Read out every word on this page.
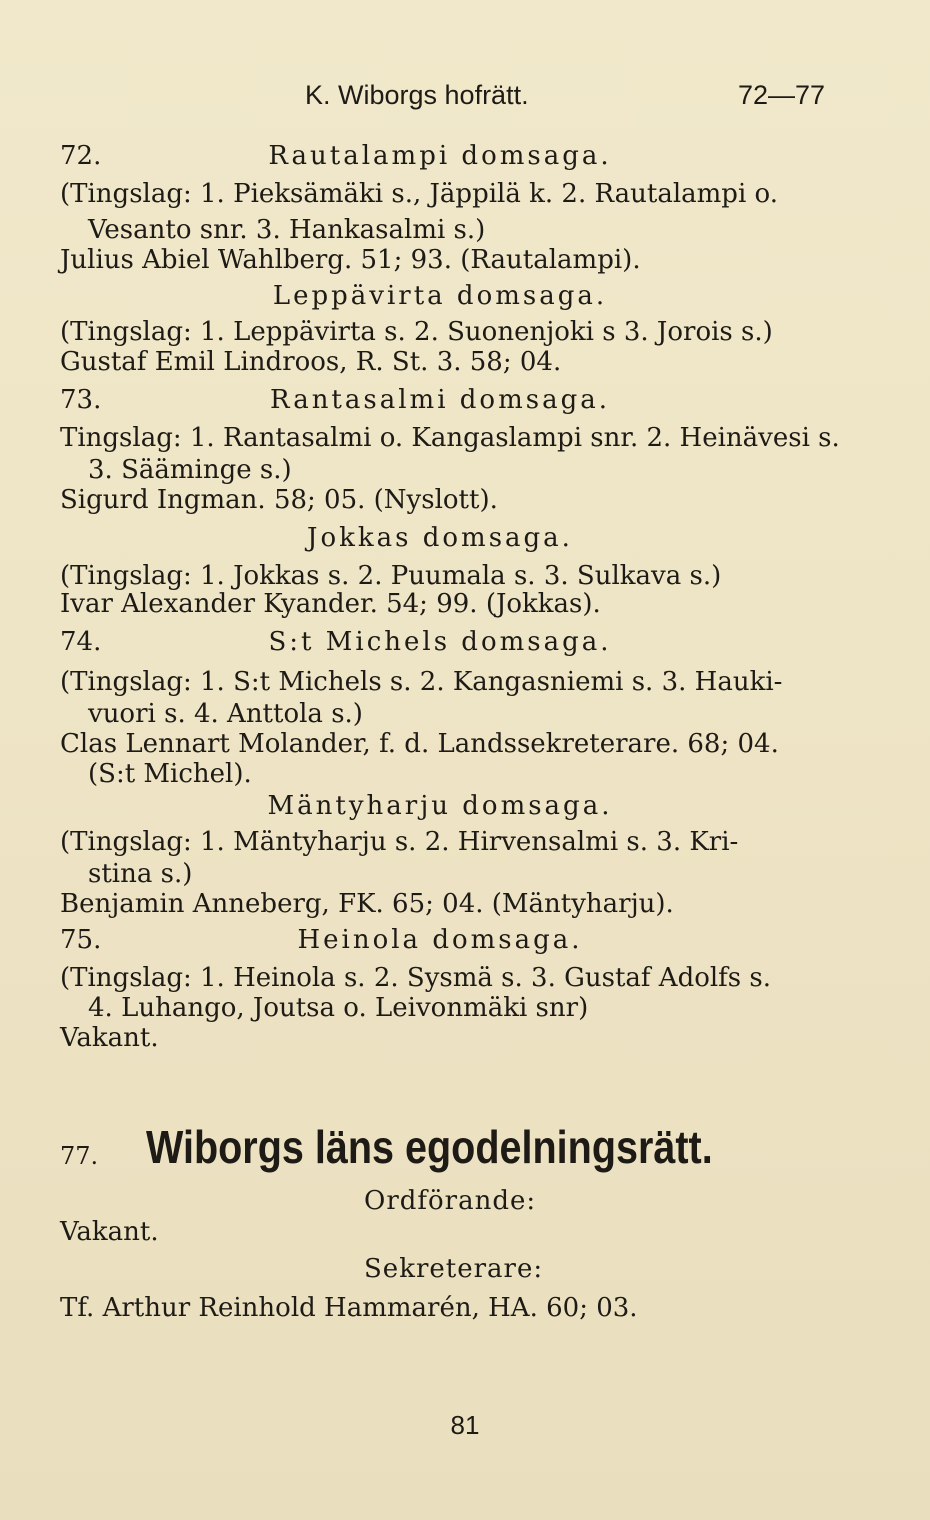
K. Wiborgs hofrätt.	72—77
72.	Rautalampi domsaga.
(Tingslag: 1. Pieksämäki s., Jäppilä k. 2. Rautalampi o.
Vesanto snr. 3. Hankasalmi s.)
Julius Abiel Wahlberg. 51; 93. (Rautalampi).
Leppävirta domsaga.
(Tingslag: 1. Leppävirta s. 2. Suonenjoki s 3. Jorois s.)
Gustaf Emil Lindroos, R. St. 3. 58; 04.
73.	Rantasalmi domsaga.
Tingslag: 1. Rantasalmi o. Kangaslampi snr. 2. Heinävesi s.
3. Sääminge s.)
Sigurd Ingman. 58; 05. (Nyslott).
Jokkas domsaga.
(Tingslag: 1. Jokkas s. 2. Puumala s. 3. Sulkava s.)
Ivar Alexander Kyander. 54; 99. (Jokkas).
74.	S:t Michels domsaga.
(Tingslag: 1. S:t Michels s. 2. Kangasniemi s. 3. Hauki-
vuori s. 4. Anttola s.)
Clas Lennart Molander, f. d. Landssekreterare. 68; 04.
(S:t Michel).
Mäntyharju domsaga.
(Tingslag: 1. Mäntyharju s. 2. Hirvensalmi s. 3. Kri-
stina s.)
Benjamin Anneberg, FK. 65; 04. (Mäntyharju).
75.	Heinola domsaga.
(Tingslag: 1. Heinola s. 2. Sysmä s. 3. Gustaf Adolfs s.
4. Luhango, Joutsa o. Leivonmäki snr)
Vakant.
77. Wiborgs läns egodelningsrätt.
Ordförande:
Vakant.
Sekreterare:
Tf. Arthur Reinhold Hammarén, HA. 60; 03.
81
